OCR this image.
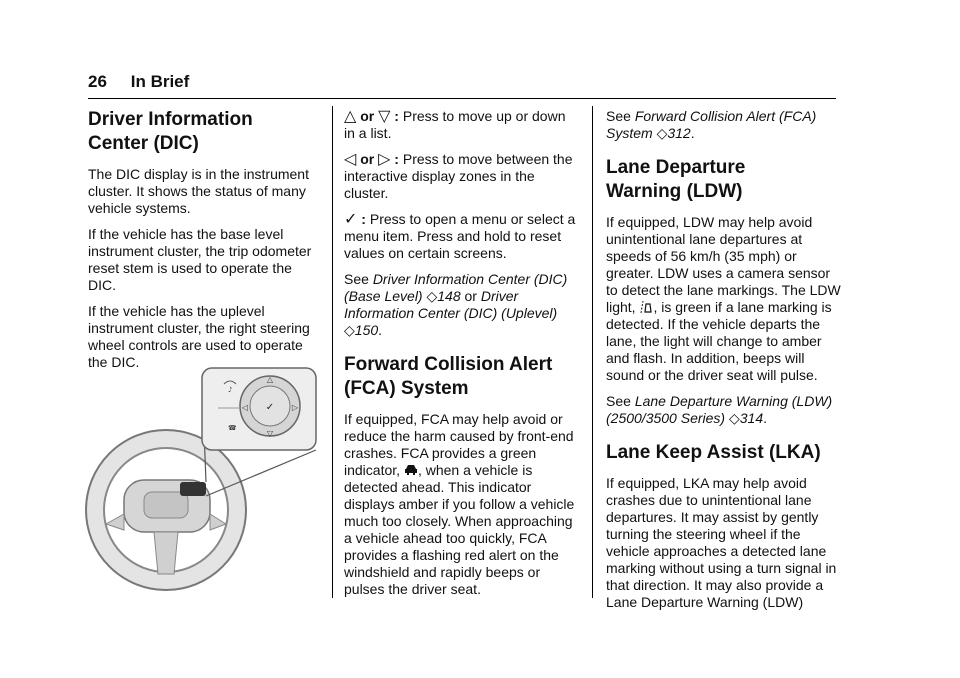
26 In Brief
Driver Information
Center (DIC)

The DIC display is in the instrument cluster. It shows the status of many vehicle systems.

If the vehicle has the base level instrument cluster, the trip odometer reset stem is used to operate the DIC.

If the vehicle has the uplevel instrument cluster, the right steering wheel controls are used to operate the DIC.

△
▽
◁	▷
✓
♪
☎

△ or ▽ : Press to move up or down in a list.

◁ or ▷ : Press to move between the interactive display zones in the cluster.

✓ : Press to open a menu or select a menu item. Press and hold to reset values on certain screens.

See Driver Information Center (DIC) (Base Level) ◇148 or Driver Information Center (DIC) (Uplevel) ◇150.

Forward Collision Alert
(FCA) System

If equipped, FCA may help avoid or reduce the harm caused by front-end crashes. FCA provides a green indicator, , when a vehicle is detected ahead. This indicator displays amber if you follow a vehicle much too closely. When approaching a vehicle ahead too quickly, FCA provides a flashing red alert on the windshield and rapidly beeps or pulses the driver seat.

See Forward Collision Alert (FCA) System ◇312.

Lane Departure
Warning (LDW)

If equipped, LDW may help avoid unintentional lane departures at speeds of 56 km/h (35 mph) or greater. LDW uses a camera sensor to detect the lane markings. The LDW light, , is green if a lane marking is detected. If the vehicle departs the lane, the light will change to amber and flash. In addition, beeps will sound or the driver seat will pulse.

See Lane Departure Warning (LDW) (2500/3500 Series) ◇314.

Lane Keep Assist (LKA)

If equipped, LKA may help avoid crashes due to unintentional lane departures. It may assist by gently turning the steering wheel if the vehicle approaches a detected lane marking without using a turn signal in that direction. It may also provide a Lane Departure Warning (LDW)
